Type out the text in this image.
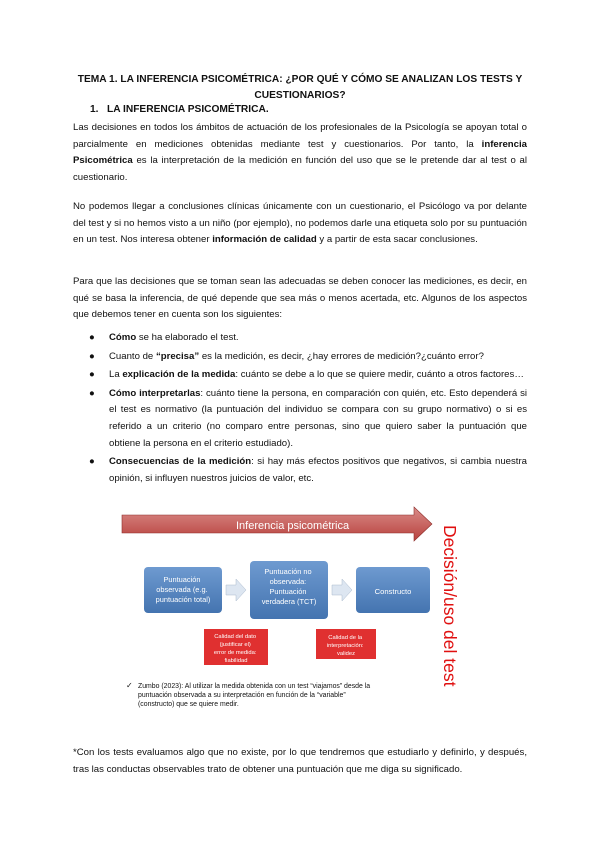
TEMA 1. LA INFERENCIA PSICOMÉTRICA: ¿POR QUÉ Y CÓMO SE ANALIZAN LOS TESTS Y CUESTIONARIOS?
1.   LA INFERENCIA PSICOMÉTRICA.

Las decisiones en todos los ámbitos de actuación de los profesionales de la Psicología se apoyan total o parcialmente en mediciones obtenidas mediante test y cuestionarios. Por tanto, la inferencia Psicométrica es la interpretación de la medición en función del uso que se le pretende dar al test o al cuestionario.

No podemos llegar a conclusiones clínicas únicamente con un cuestionario, el Psicólogo va por delante del test y si no hemos visto a un niño (por ejemplo), no podemos darle una etiqueta solo por su puntuación en un test. Nos interesa obtener información de calidad y a partir de esta sacar conclusiones.

Para que las decisiones que se toman sean las adecuadas se deben conocer las mediciones, es decir, en qué se basa la inferencia, de qué depende que sea más o menos acertada, etc. Algunos de los aspectos que debemos tener en cuenta son los siguientes:

● Cómo se ha elaborado el test.
● Cuanto de “precisa” es la medición, es decir, ¿hay errores de medición?¿cuánto error?
● La explicación de la medida: cuánto se debe a lo que se quiere medir, cuánto a otros factores…
● Cómo interpretarlas: cuánto tiene la persona, en comparación con quién, etc. Esto dependerá si el test es normativo (la puntuación del individuo se compara con su grupo normativo) o si es referido a un criterio (no comparo entre personas, sino que quiero saber la puntuación que obtiene la persona en el criterio estudiado).
● Consecuencias de la medición: si hay más efectos positivos que negativos, si cambia nuestra opinión, si influyen nuestros juicios de valor, etc.
Inferencia psicométrica
Puntuación observada (e.g. puntuación total)
Puntuación no observada: Puntuación verdadera (TCT)
Constructo
Calidad del dato (justificar el) error de medida: fiabilidad
Calidad de la interpretación: validez	Decisión/uso del test
✓ Zumbo (2023): Al utilizar la medida obtenida con un test “viajamos” desde la puntuación observada a su interpretación en función de la “variable” (constructo) que se quiere medir.

*Con los tests evaluamos algo que no existe, por lo que tendremos que estudiarlo y definirlo, y después, tras las conductas observables trato de obtener una puntuación que me diga su significado.
